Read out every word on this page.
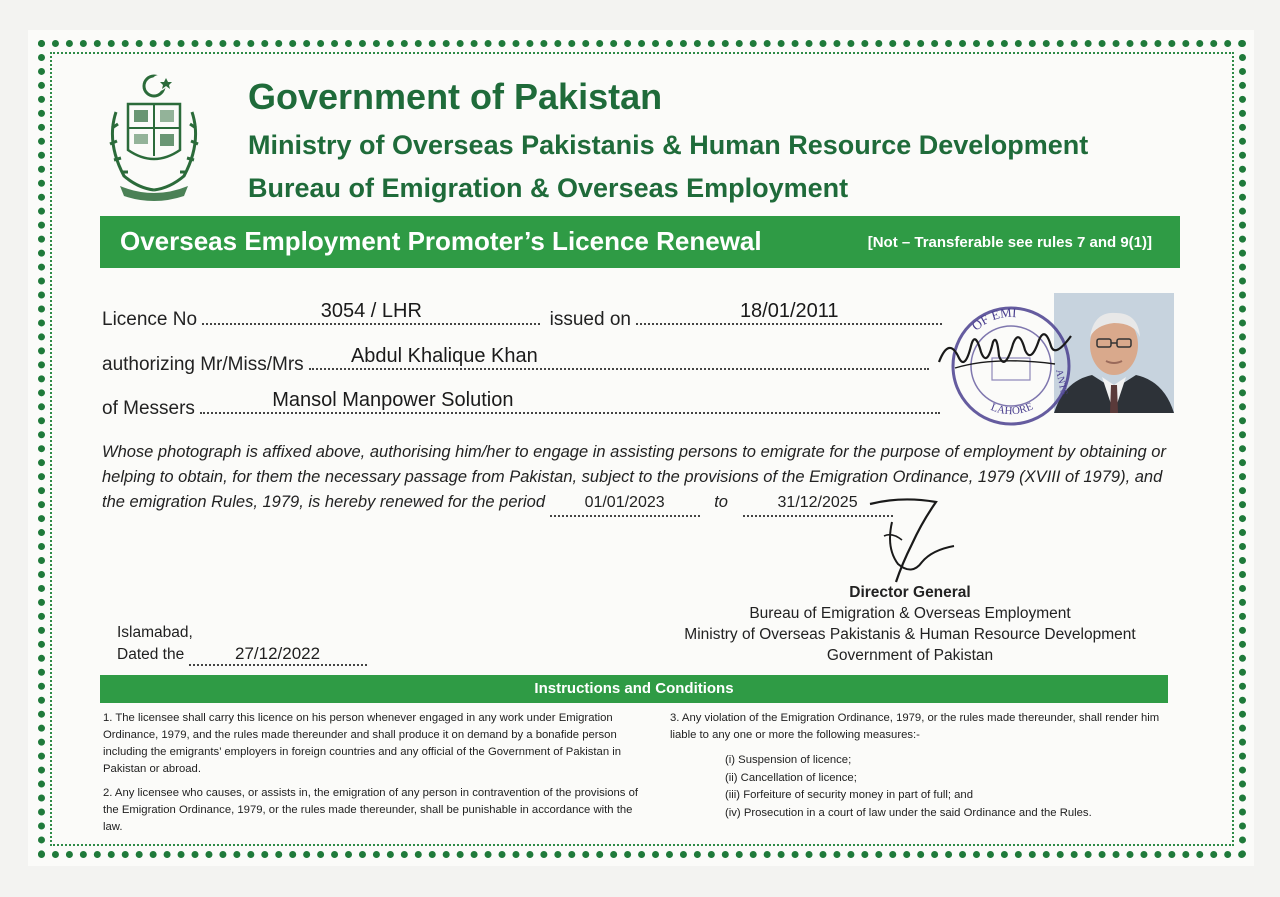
Government of Pakistan
Ministry of Overseas Pakistanis & Human Resource Development
Bureau of Emigration & Overseas Employment
Overseas Employment Promoter’s Licence Renewal	[Not – Transferable see rules 7 and 9(1)]
Licence No	3054 / LHR	issued on	18/01/2011
authorizing Mr/Miss/Mrs Abdul Khalique Khan
of Messers	Mansol Manpower Solution
OF EMI
LAHORE
ANTS
Whose photograph is affixed above, authorising him/her to engage in assisting persons to emigrate for the purpose of employment by obtaining or helping to obtain, for them the necessary passage from Pakistan, subject to the provisions of the Emigration Ordinance, 1979 (XVIII of 1979), and the emigration Rules, 1979, is hereby renewed for the period 01/01/2023	to	31/12/2025
Director General
Bureau of Emigration & Overseas Employment
Ministry of Overseas Pakistanis & Human Resource Development
Government of Pakistan
Islamabad,
Dated the	27/12/2022
Instructions and Conditions
1. The licensee shall carry this licence on his person whenever engaged in any work under Emigration Ordinance, 1979, and the rules made thereunder and shall produce it on demand by a bonafide person including the emigrants’ employers in foreign countries and any official of the Government of Pakistan in Pakistan or abroad.
2. Any licensee who causes, or assists in, the emigration of any person in contravention of the provisions of the Emigration Ordinance, 1979, or the rules made thereunder, shall be punishable in accordance with the law.
3. Any violation of the Emigration Ordinance, 1979, or the rules made thereunder, shall render him liable to any one or more the following measures:-
(i) Suspension of licence;
(ii) Cancellation of licence;
(iii) Forfeiture of security money in part of full; and
(iv) Prosecution in a court of law under the said Ordinance and the Rules.
